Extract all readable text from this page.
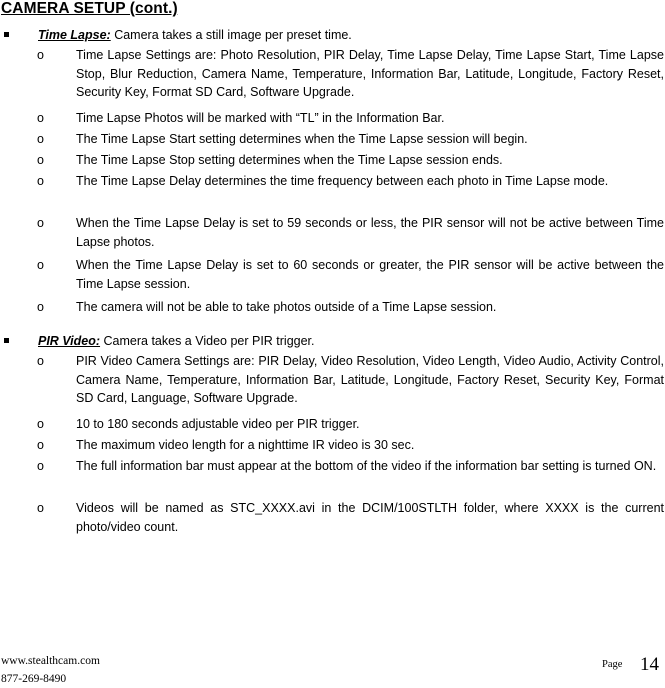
CAMERA SETUP (cont.)
Time Lapse: Camera takes a still image per preset time.
o	Time Lapse Settings are: Photo Resolution, PIR Delay, Time Lapse Delay, Time Lapse Start, Time Lapse Stop, Blur Reduction, Camera Name, Temperature, Information Bar, Latitude, Longitude, Factory Reset, Security Key, Format SD Card, Software Upgrade.
o	Time Lapse Photos will be marked with “TL” in the Information Bar.
o	The Time Lapse Start setting determines when the Time Lapse session will begin.
o	The Time Lapse Stop setting determines when the Time Lapse session ends.
o	The Time Lapse Delay determines the time frequency between each photo in Time Lapse mode.
o	When the Time Lapse Delay is set to 59 seconds or less, the PIR sensor will not be active between Time Lapse photos.
o	When the Time Lapse Delay is set to 60 seconds or greater, the PIR sensor will be active between the Time Lapse session.
o	The camera will not be able to take photos outside of a Time Lapse session.
PIR Video: Camera takes a Video per PIR trigger.
o	PIR Video Camera Settings are: PIR Delay, Video Resolution, Video Length, Video Audio, Activity Control, Camera Name, Temperature, Information Bar, Latitude, Longitude, Factory Reset, Security Key, Format SD Card, Language, Software Upgrade.
o	10 to 180 seconds adjustable video per PIR trigger.
o	The maximum video length for a nighttime IR video is 30 sec.
o	The full information bar must appear at the bottom of the video if the information bar setting is turned ON.
o	Videos will be named as STC_XXXX.avi in the DCIM/100STLTH folder, where XXXX is the current photo/video count.
www.stealthcam.com
877-269-8490
Page 14
